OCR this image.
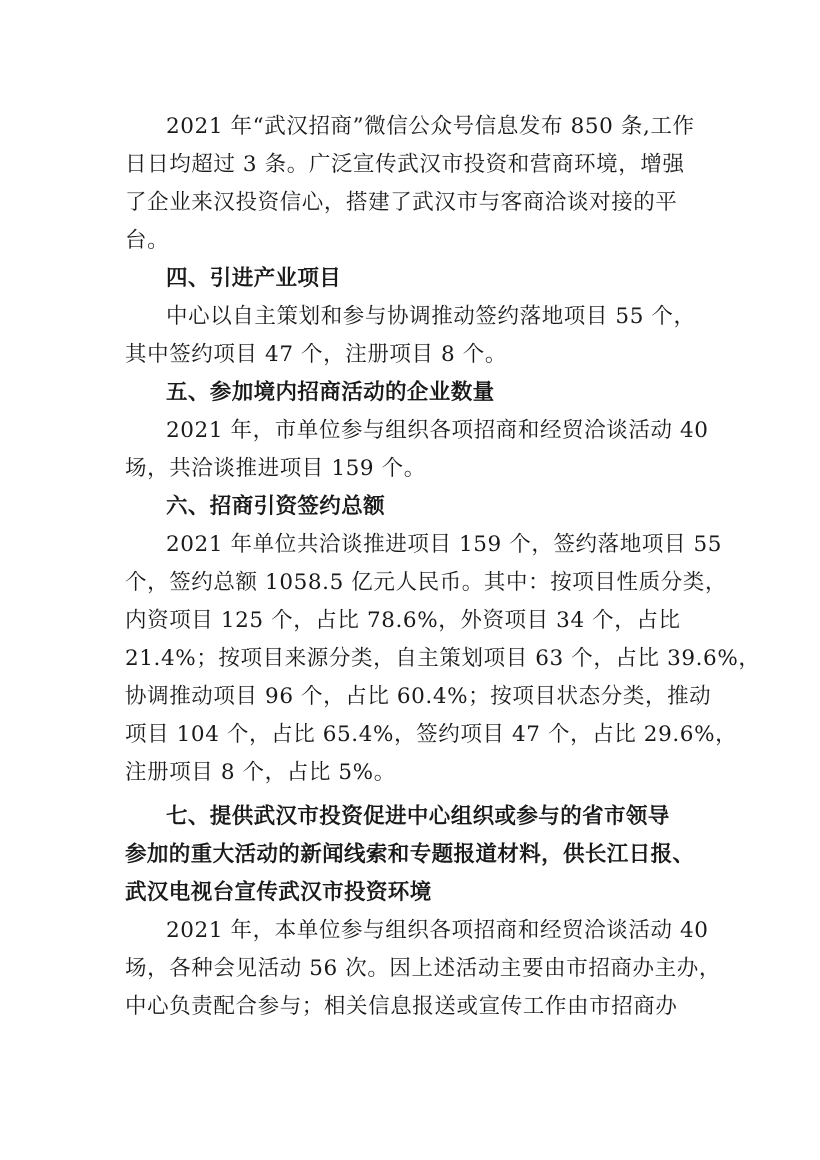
2021 年“武汉招商”微信公众号信息发布 850 条,工作

日日均超过 3 条。广泛宣传武汉市投资和营商环境，增强

了企业来汉投资信心，搭建了武汉市与客商洽谈对接的平

台。

四、引进产业项目

中心以自主策划和参与协调推动签约落地项目 55 个，

其中签约项目 47 个，注册项目 8 个。

五、参加境内招商活动的企业数量

2021 年，市单位参与组织各项招商和经贸洽谈活动 40

场，共洽谈推进项目 159 个。

六、招商引资签约总额

2021 年单位共洽谈推进项目 159 个，签约落地项目 55

个，签约总额 1058.5 亿元人民币。其中：按项目性质分类，

内资项目 125 个，占比 78.6%，外资项目 34 个，占比

21.4%；按项目来源分类，自主策划项目 63 个，占比 39.6%，

协调推动项目 96 个，占比 60.4%；按项目状态分类，推动

项目 104 个，占比 65.4%，签约项目 47 个，占比 29.6%，

注册项目 8 个，占比 5%。

七、提供武汉市投资促进中心组织或参与的省市领导

参加的重大活动的新闻线索和专题报道材料，供长江日报、

武汉电视台宣传武汉市投资环境

2021 年，本单位参与组织各项招商和经贸洽谈活动 40

场，各种会见活动 56 次。因上述活动主要由市招商办主办，

中心负责配合参与；相关信息报送或宣传工作由市招商办
